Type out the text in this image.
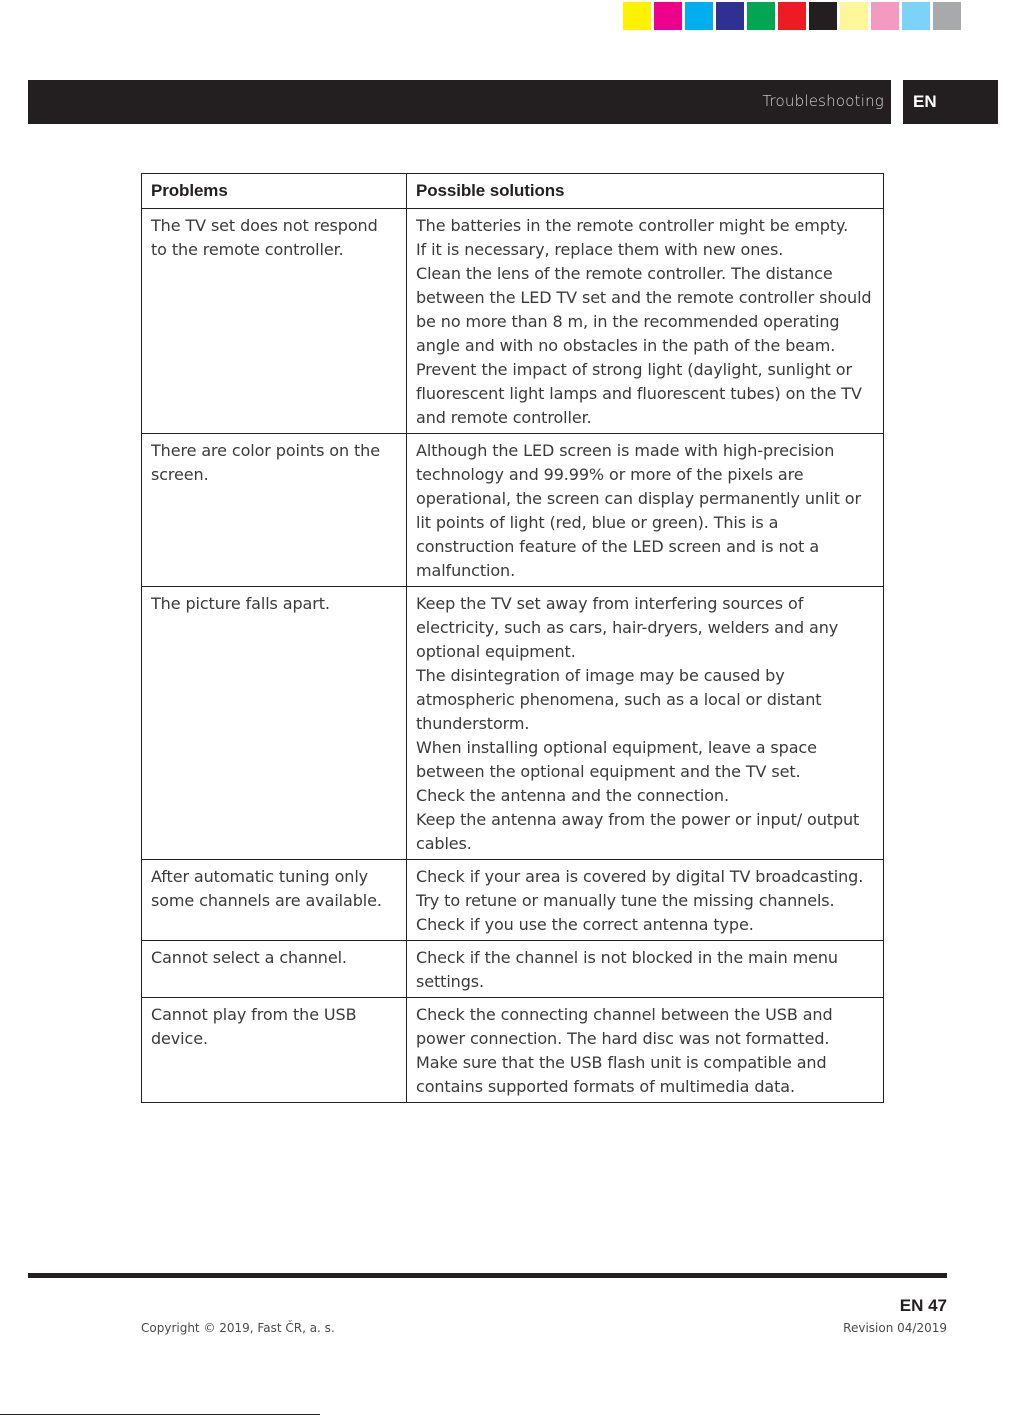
Troubleshooting	EN
Problems	Possible solutions
The TV set does not respond to the remote controller.	The batteries in the remote controller might be empty.
If it is necessary, replace them with new ones.
Clean the lens of the remote controller. The distance between the LED TV set and the remote controller should be no more than 8 m, in the recommended operating angle and with no obstacles in the path of the beam. Prevent the impact of strong light (daylight, sunlight or fluorescent light lamps and fluorescent tubes) on the TV and remote controller.

There are color points on the screen.	Although the LED screen is made with high-precision technology and 99.99% or more of the pixels are operational, the screen can display permanently unlit or lit points of light (red, blue or green). This is a construction feature of the LED screen and is not a malfunction.

The picture falls apart.	Keep the TV set away from interfering sources of electricity, such as cars, hair-dryers, welders and any optional equipment.
The disintegration of image may be caused by atmospheric phenomena, such as a local or distant thunderstorm.
When installing optional equipment, leave a space between the optional equipment and the TV set.
Check the antenna and the connection.
Keep the antenna away from the power or input/ output cables.

After automatic tuning only some channels are available.	Check if your area is covered by digital TV broadcasting. Try to retune or manually tune the missing channels.
Check if you use the correct antenna type.

Cannot select a channel.	Check if the channel is not blocked in the main menu settings.

Cannot play from the USB device.	Check the connecting channel between the USB and power connection. The hard disc was not formatted.
Make sure that the USB flash unit is compatible and contains supported formats of multimedia data.
EN 47
Copyright © 2019, Fast ČR, a. s.	Revision 04/2019
